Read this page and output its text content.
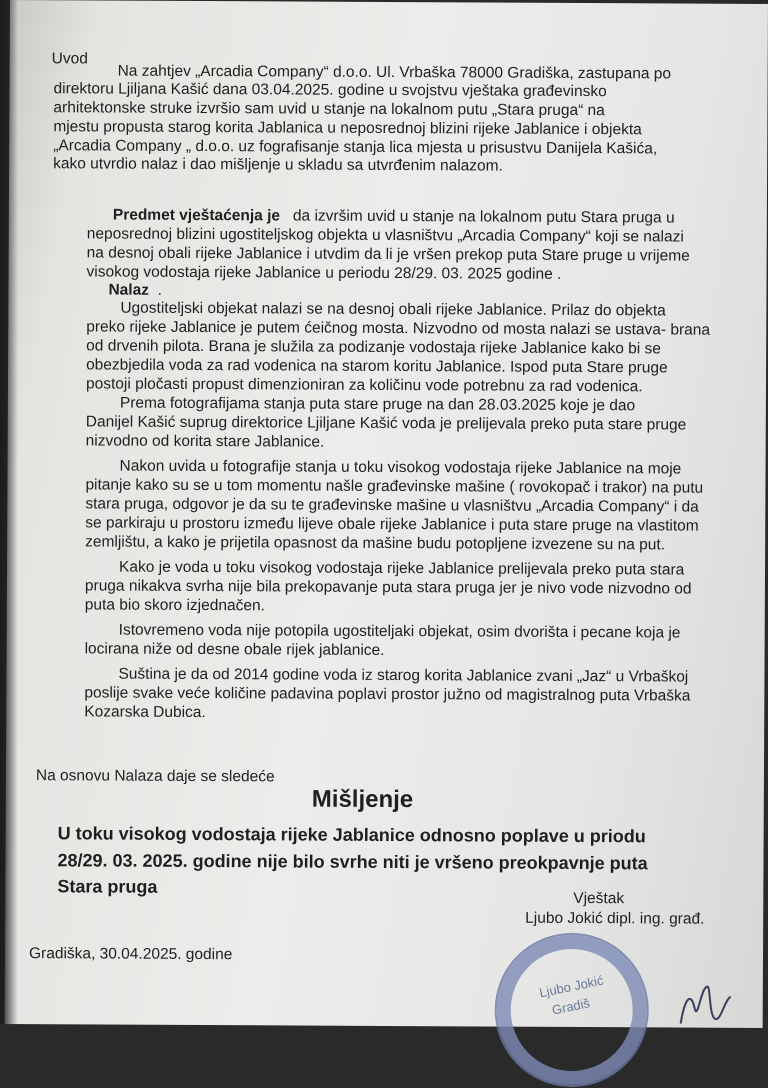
Uvod
Na zahtjev „Arcadia Company“ d.o.o. Ul. Vrbaška 78000 Gradiška, zastupana po
direktoru Ljiljana Kašić dana 03.04.2025. godine u svojstvu vještaka građevinsko
arhitektonske struke izvršio sam uvid u stanje na lokalnom putu „Stara pruga“ na
mjestu propusta starog korita Jablanica u neposrednoj blizini rijeke Jablanice i objekta
„Arcadia Company „ d.o.o. uz fografisanje stanja lica mjesta u prisustvu Danijela Kašića,
kako utvrdio nalaz i dao mišljenje u skladu sa utvrđenim nalazom.
Predmet vještaćenja je da izvršim uvid u stanje na lokalnom putu Stara pruga u
neposrednoj blizini ugostiteljskog objekta u vlasništvu „Arcadia Company“ koji se nalazi
na desnoj obali rijeke Jablanice i utvdim da li je vršen prekop puta Stare pruge u vrijeme
visokog vodostaja rijeke Jablanice u periodu 28/29. 03. 2025 godine .
Nalaz .
Ugostiteljski objekat nalazi se na desnoj obali rijeke Jablanice. Prilaz do objekta
preko rijeke Jablanice je putem ćeičnog mosta. Nizvodno od mosta nalazi se ustava- brana
od drvenih pilota. Brana je služila za podizanje vodostaja rijeke Jablanice kako bi se
obezbjedila voda za rad vodenica na starom koritu Jablanice. Ispod puta Stare pruge
postoji pločasti propust dimenzioniran za količinu vode potrebnu za rad vodenica.
Prema fotografijama stanja puta stare pruge na dan 28.03.2025 koje je dao
Danijel Kašić suprug direktorice Ljiljane Kašić voda je prelijevala preko puta stare pruge
nizvodno od korita stare Jablanice.
Nakon uvida u fotografije stanja u toku visokog vodostaja rijeke Jablanice na moje
pitanje kako su se u tom momentu našle građevinske mašine ( rovokopač i trakor) na putu
stara pruga, odgovor je da su te građevinske mašine u vlasništvu „Arcadia Company“ i da
se parkiraju u prostoru između lijeve obale rijeke Jablanice i puta stare pruge na vlastitom
zemljištu, a kako je prijetila opasnost da mašine budu potopljene izvezene su na put.
Kako je voda u toku visokog vodostaja rijeke Jablanice prelijevala preko puta stara
pruga nikakva svrha nije bila prekopavanje puta stara pruga jer je nivo vode nizvodno od
puta bio skoro izjednačen.
Istovremeno voda nije potopila ugostiteljaki objekat, osim dvorišta i pecane koja je
locirana niže od desne obale rijek jablanice.
Suština je da od 2014 godine voda iz starog korita Jablanice zvani „Jaz“ u Vrbaškoj
poslije svake veće količine padavina poplavi prostor južno od magistralnog puta Vrbaška
Kozarska Dubica.
Na osnovu Nalaza daje se sledeće
Mišljenje
U toku visokog vodostaja rijeke Jablanice odnosno poplave u priodu
28/29. 03. 2025. godine nije bilo svrhe niti je vršeno preokpavnje puta
Stara pruga
Vještak
Ljubo Jokić dipl. ing. građ.
Gradiška, 30.04.2025. godine
Ljubo Jokić
Gradiš
